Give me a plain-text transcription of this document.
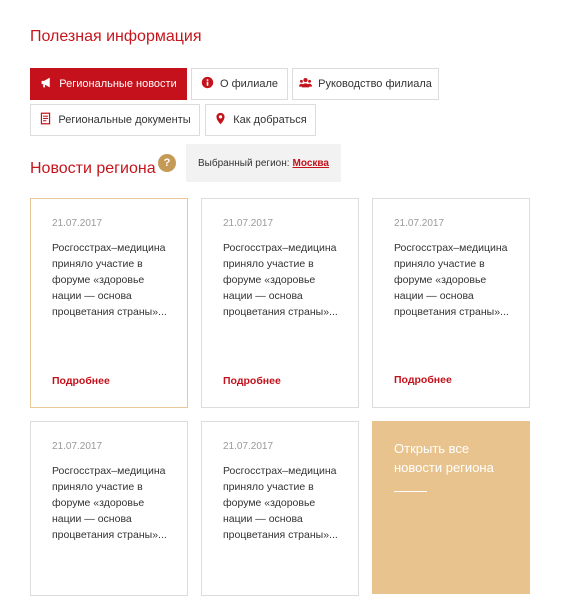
Полезная информация
Региональные новости	О филиале	Руководство филиала
Региональные документы	Как добраться
Новости региона ?	Выбранный регион: Москва
21.07.2017
Росгосстрах–медицина приняло участие в форуме «здоровье нации — основа процветания страны»...
Подробнее
21.07.2017
Росгосстрах–медицина приняло участие в форуме «здоровье нации — основа процветания страны»...
Подробнее
21.07.2017
Росгосстрах–медицина приняло участие в форуме «здоровье нации — основа процветания страны»...
Подробнее
21.07.2017
Росгосстрах–медицина приняло участие в форуме «здоровье нации — основа процветания страны»...
21.07.2017
Росгосстрах–медицина приняло участие в форуме «здоровье нации — основа процветания страны»...
Открыть все новости региона
